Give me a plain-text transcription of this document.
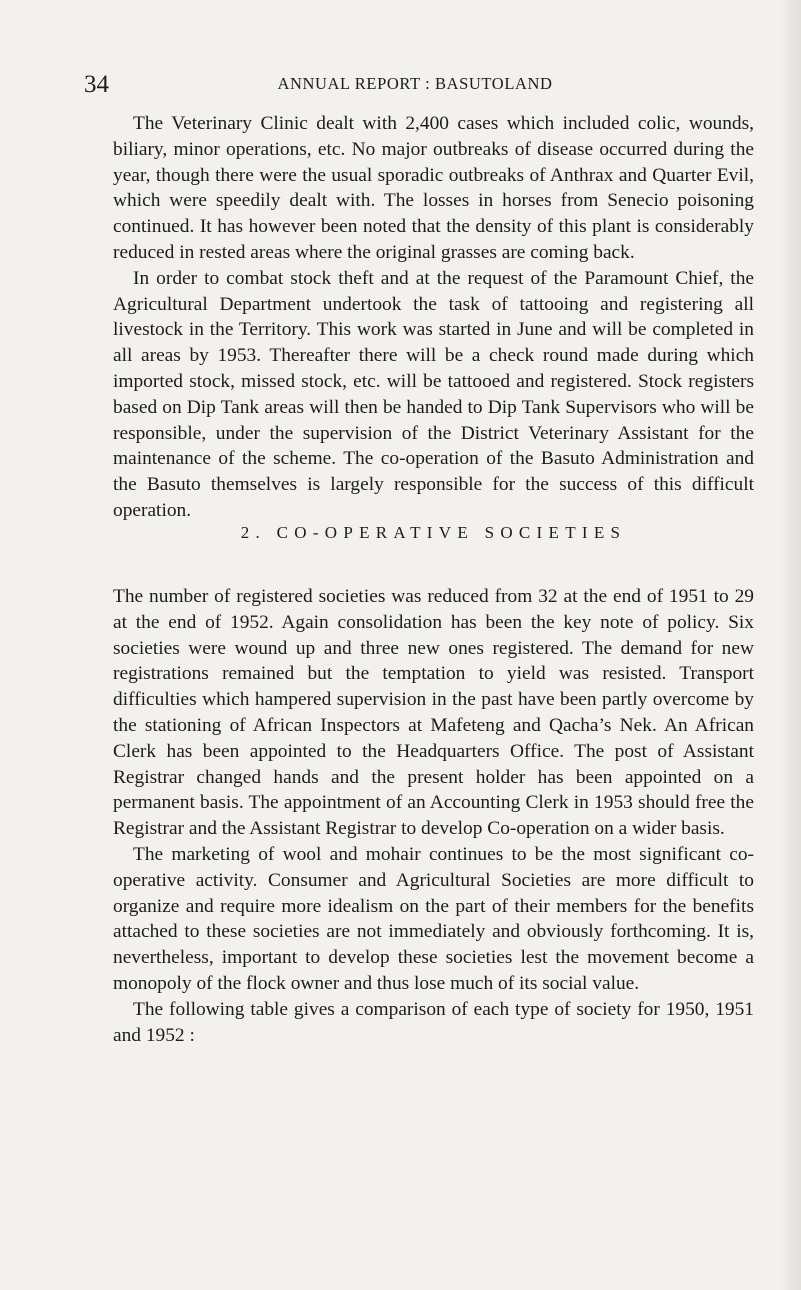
34	ANNUAL REPORT : BASUTOLAND

The Veterinary Clinic dealt with 2,400 cases which included colic, wounds, biliary, minor operations, etc. No major outbreaks of disease occurred during the year, though there were the usual sporadic outbreaks of Anthrax and Quarter Evil, which were speedily dealt with. The losses in horses from Senecio poisoning continued. It has however been noted that the density of this plant is considerably reduced in rested areas where the original grasses are coming back.

In order to combat stock theft and at the request of the Paramount Chief, the Agricultural Department undertook the task of tattooing and registering all livestock in the Territory. This work was started in June and will be completed in all areas by 1953. Thereafter there will be a check round made during which imported stock, missed stock, etc. will be tattooed and registered. Stock registers based on Dip Tank areas will then be handed to Dip Tank Supervisors who will be responsible, under the supervision of the District Veterinary Assistant for the maintenance of the scheme. The co-operation of the Basuto Administration and the Basuto themselves is largely responsible for the success of this difficult operation.

2. CO-OPERATIVE SOCIETIES

The number of registered societies was reduced from 32 at the end of 1951 to 29 at the end of 1952. Again consolidation has been the key note of policy. Six societies were wound up and three new ones registered. The demand for new registrations remained but the temptation to yield was resisted. Transport difficulties which hampered supervision in the past have been partly overcome by the stationing of African Inspectors at Mafeteng and Qacha’s Nek. An African Clerk has been appointed to the Headquarters Office. The post of Assistant Registrar changed hands and the present holder has been appointed on a permanent basis. The appointment of an Accounting Clerk in 1953 should free the Registrar and the Assistant Registrar to develop Co-operation on a wider basis.

The marketing of wool and mohair continues to be the most significant co-operative activity. Consumer and Agricultural Societies are more difficult to organize and require more idealism on the part of their members for the benefits attached to these societies are not immediately and obviously forthcoming. It is, nevertheless, important to develop these societies lest the movement become a monopoly of the flock owner and thus lose much of its social value.

The following table gives a comparison of each type of society for 1950, 1951 and 1952 :
